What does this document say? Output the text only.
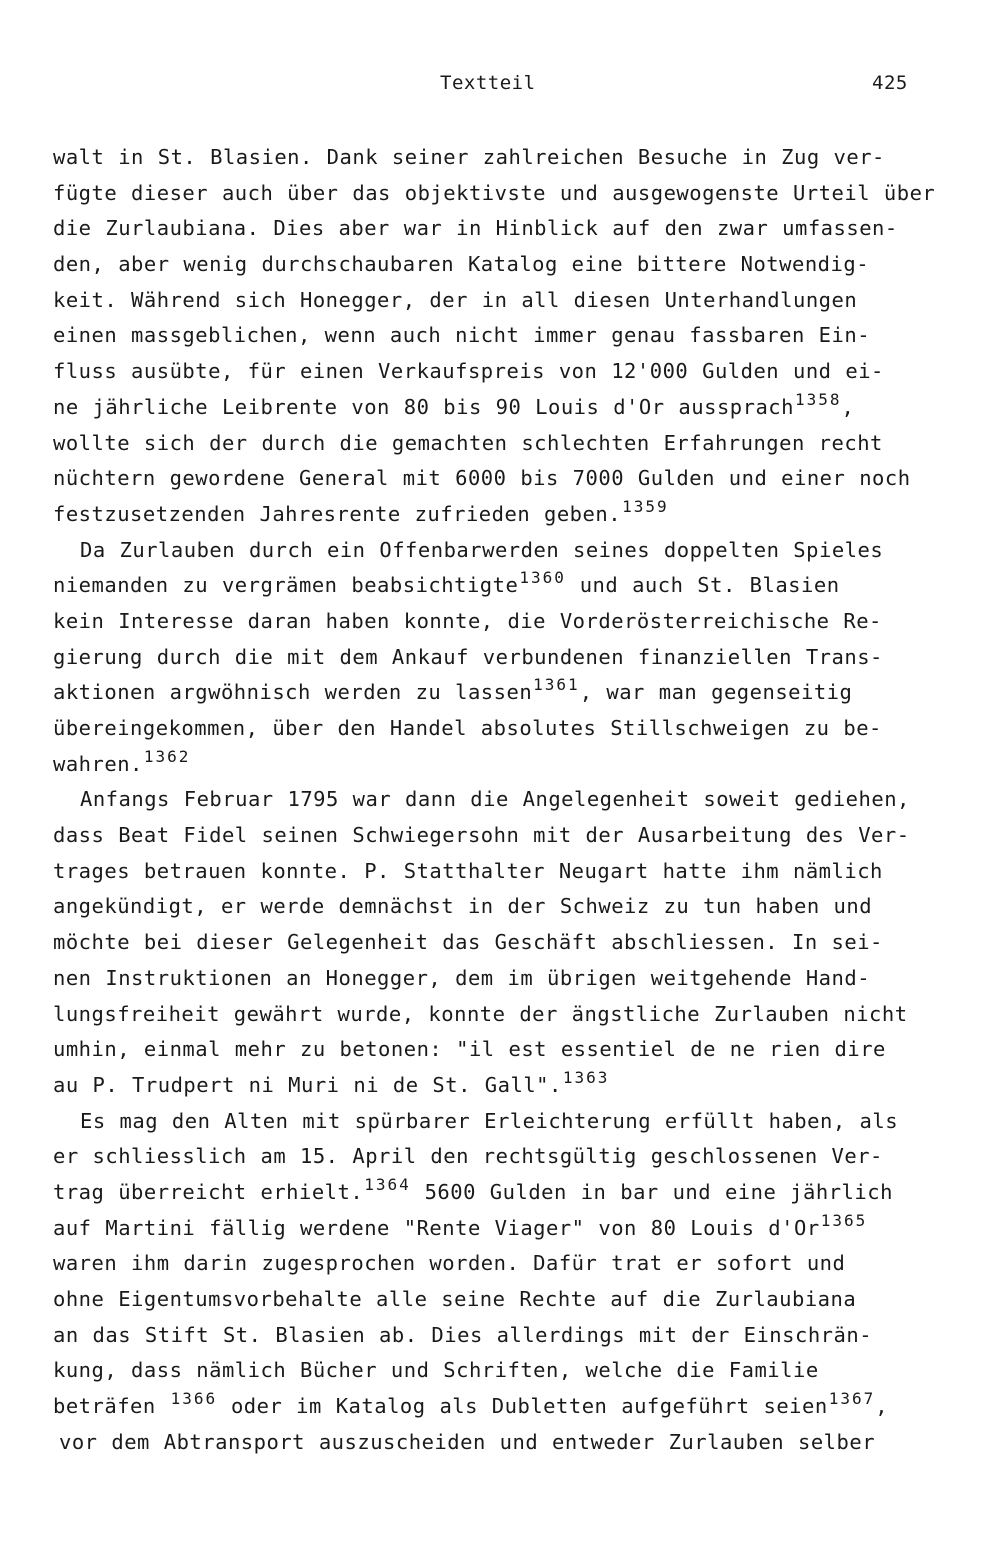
Textteil	425
walt in St. Blasien. Dank seiner zahlreichen Besuche in Zug ver-
fügte dieser auch über das objektivste und ausgewogenste Urteil über
die Zurlaubiana. Dies aber war in Hinblick auf den zwar umfassen-
den, aber wenig durchschaubaren Katalog eine bittere Notwendig-
keit. Während sich Honegger, der in all diesen Unterhandlungen
einen massgeblichen, wenn auch nicht immer genau fassbaren Ein-
fluss ausübte, für einen Verkaufspreis von 12'000 Gulden und ei-
ne jährliche Leibrente von 80 bis 90 Louis d'Or aussprach$^{1358}$,
wollte sich der durch die gemachten schlechten Erfahrungen recht
nüchtern gewordene General mit 6000 bis 7000 Gulden und einer noch
festzusetzenden Jahresrente zufrieden geben.$^{1359}$
Da Zurlauben durch ein Offenbarwerden seines doppelten Spieles
niemanden zu vergrämen beabsichtigte$^{1360}$ und auch St. Blasien
kein Interesse daran haben konnte, die Vorderösterreichische Re-
gierung durch die mit dem Ankauf verbundenen finanziellen Trans-
aktionen argwöhnisch werden zu lassen$^{1361}$, war man gegenseitig
übereingekommen, über den Handel absolutes Stillschweigen zu be-
wahren.$^{1362}$
Anfangs Februar 1795 war dann die Angelegenheit soweit gediehen,
dass Beat Fidel seinen Schwiegersohn mit der Ausarbeitung des Ver-
trages betrauen konnte. P. Statthalter Neugart hatte ihm nämlich
angekündigt, er werde demnächst in der Schweiz zu tun haben und
möchte bei dieser Gelegenheit das Geschäft abschliessen. In sei-
nen Instruktionen an Honegger, dem im übrigen weitgehende Hand-
lungsfreiheit gewährt wurde, konnte der ängstliche Zurlauben nicht
umhin, einmal mehr zu betonen: "il est essentiel de ne rien dire
au P. Trudpert ni Muri ni de St. Gall".$^{1363}$
Es mag den Alten mit spürbarer Erleichterung erfüllt haben, als
er schliesslich am 15. April den rechtsgültig geschlossenen Ver-
trag überreicht erhielt.$^{1364}$ 5600 Gulden in bar und eine jährlich
auf Martini fällig werdene "Rente Viager" von 80 Louis d'Or$^{1365}$
waren ihm darin zugesprochen worden. Dafür trat er sofort und
ohne Eigentumsvorbehalte alle seine Rechte auf die Zurlaubiana
an das Stift St. Blasien ab. Dies allerdings mit der Einschrän-
kung, dass nämlich Bücher und Schriften, welche die Familie
beträfen $^{1366}$ oder im Katalog als Dubletten aufgeführt seien$^{1367}$,
vor dem Abtransport auszuscheiden und entweder Zurlauben selber
